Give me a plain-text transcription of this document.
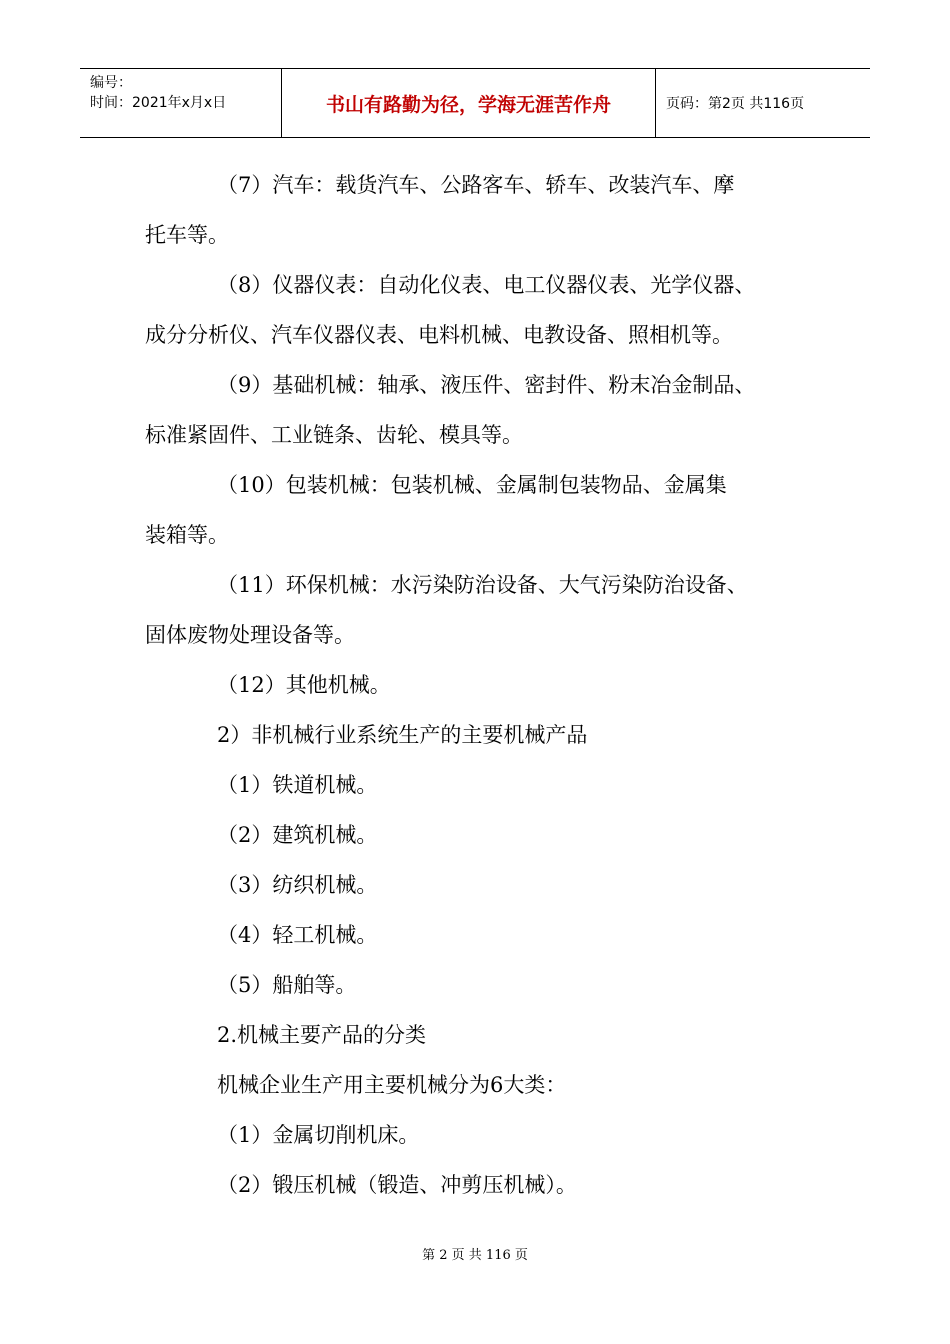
编号：
时间：2021年x月x日	书山有路勤为径，学海无涯苦作舟	页码：第2页 共116页

（7）汽车：载货汽车、公路客车、轿车、改装汽车、摩

托车等。

（8）仪器仪表：自动化仪表、电工仪器仪表、光学仪器、

成分分析仪、汽车仪器仪表、电料机械、电教设备、照相机等。

（9）基础机械：轴承、液压件、密封件、粉末冶金制品、

标准紧固件、工业链条、齿轮、模具等。

（10）包装机械：包装机械、金属制包装物品、金属集

装箱等。

（11）环保机械：水污染防治设备、大气污染防治设备、

固体废物处理设备等。

（12）其他机械。

2）非机械行业系统生产的主要机械产品

（1）铁道机械。

（2）建筑机械。

（3）纺织机械。

（4）轻工机械。

（5）船舶等。

2.机械主要产品的分类

机械企业生产用主要机械分为6大类：

（1）金属切削机床。

（2）锻压机械（锻造、冲剪压机械）。

第 2 页 共 116 页
